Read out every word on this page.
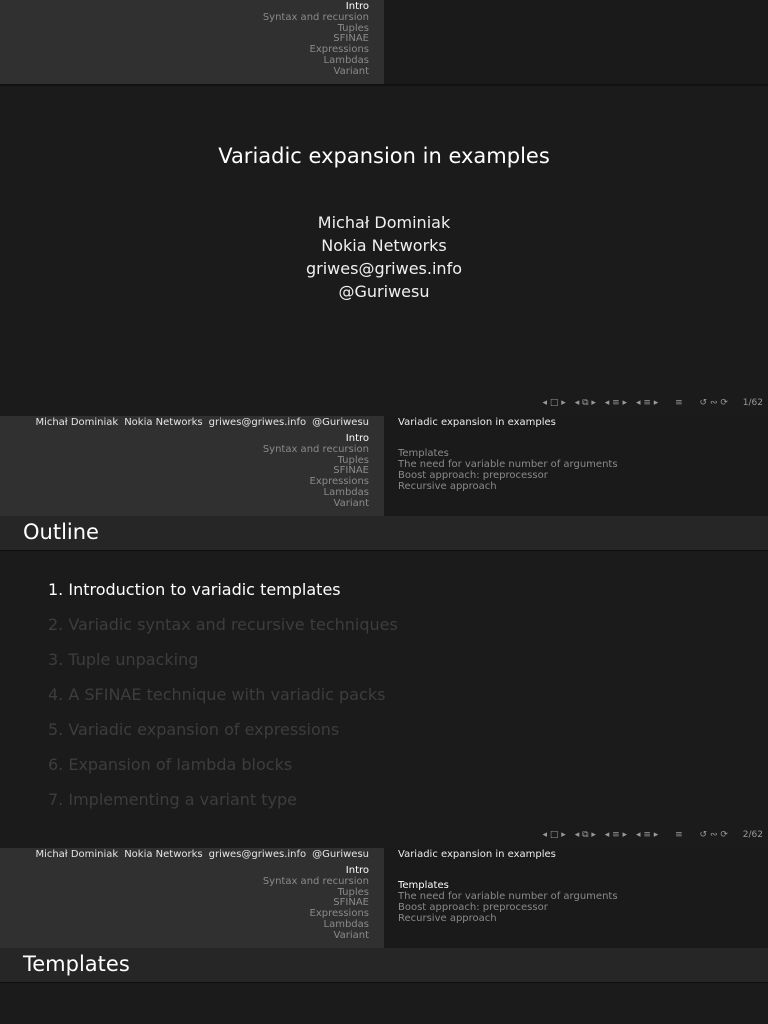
Intro
Syntax and recursion
Tuples
SFINAE
Expressions
Lambdas
Variant
Variadic expansion in examples
Michał Dominiak
Nokia Networks
griwes@griwes.info
@Guriwesu
◂ □ ▸ ◂ ⧉ ▸ ◂ ≡ ▸ ◂ ≡ ▸ ≡ ↺ ∾ ⟳ 1/62
Michał Dominiak Nokia Networks griwes@griwes.info @Guriwesu
Intro
Syntax and recursion
Tuples
SFINAE
Expressions
Lambdas
Variant
Variadic expansion in examples
Templates
The need for variable number of arguments
Boost approach: preprocessor
Recursive approach
Outline
1. Introduction to variadic templates
2. Variadic syntax and recursive techniques
3. Tuple unpacking
4. A SFINAE technique with variadic packs
5. Variadic expansion of expressions
6. Expansion of lambda blocks
7. Implementing a variant type
◂ □ ▸ ◂ ⧉ ▸ ◂ ≡ ▸ ◂ ≡ ▸ ≡ ↺ ∾ ⟳ 2/62
Michał Dominiak Nokia Networks griwes@griwes.info @Guriwesu
Intro
Syntax and recursion
Tuples
SFINAE
Expressions
Lambdas
Variant
Variadic expansion in examples
Templates
The need for variable number of arguments
Boost approach: preprocessor
Recursive approach
Templates
